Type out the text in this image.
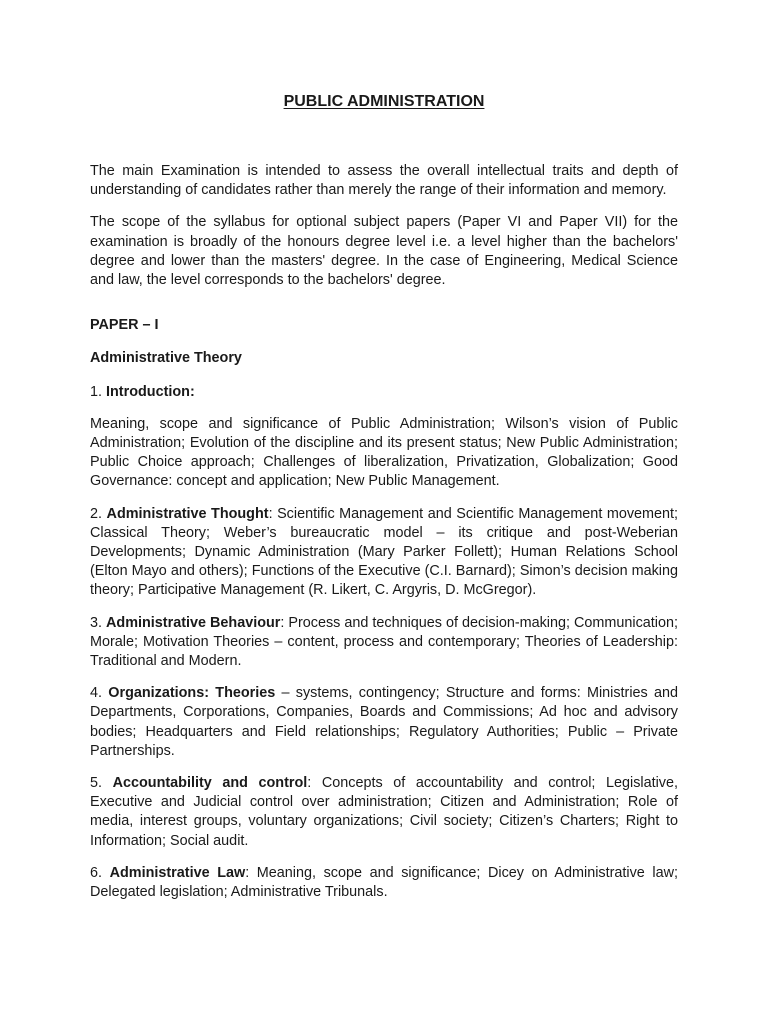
PUBLIC ADMINISTRATION

The main Examination is intended to assess the overall intellectual traits and depth of understanding of candidates rather than merely the range of their information and memory.

The scope of the syllabus for optional subject papers (Paper VI and Paper VII) for the examination is broadly of the honours degree level i.e. a level higher than the bachelors' degree and lower than the masters' degree. In the case of Engineering, Medical Science and law, the level corresponds to the bachelors' degree.

PAPER – I

Administrative Theory

1. Introduction:

Meaning, scope and significance of Public Administration; Wilson’s vision of Public Administration; Evolution of the discipline and its present status; New Public Administration; Public Choice approach; Challenges of liberalization, Privatization, Globalization; Good Governance: concept and application; New Public Management.

2. Administrative Thought: Scientific Management and Scientific Management movement; Classical Theory; Weber’s bureaucratic model – its critique and post-Weberian Developments; Dynamic Administration (Mary Parker Follett); Human Relations School (Elton Mayo and others); Functions of the Executive (C.I. Barnard); Simon’s decision making theory; Participative Management (R. Likert, C. Argyris, D. McGregor).

3. Administrative Behaviour: Process and techniques of decision-making; Communication; Morale; Motivation Theories – content, process and contemporary; Theories of Leadership: Traditional and Modern.

4. Organizations: Theories – systems, contingency; Structure and forms: Ministries and Departments, Corporations, Companies, Boards and Commissions; Ad hoc and advisory bodies; Headquarters and Field relationships; Regulatory Authorities; Public – Private Partnerships.

5. Accountability and control: Concepts of accountability and control; Legislative, Executive and Judicial control over administration; Citizen and Administration; Role of media, interest groups, voluntary organizations; Civil society; Citizen’s Charters; Right to Information; Social audit.

6. Administrative Law: Meaning, scope and significance; Dicey on Administrative law; Delegated legislation; Administrative Tribunals.
